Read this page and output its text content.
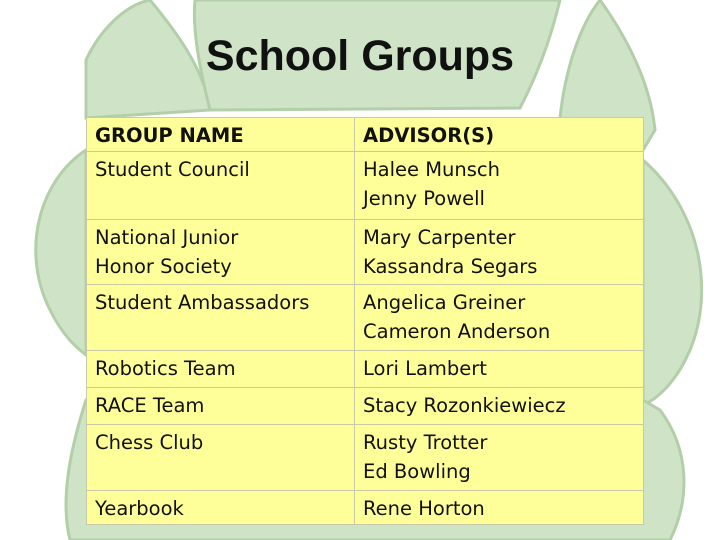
School Groups
GROUP NAME	ADVISOR(S)

Student Council	Halee Munsch
Jenny Powell

National Junior
Honor Society	Mary Carpenter
Kassandra Segars

Student Ambassadors	Angelica Greiner
Cameron Anderson

Robotics Team	Lori Lambert

RACE Team	Stacy Rozonkiewiecz

Chess Club	Rusty Trotter
Ed Bowling

Yearbook	Rene Horton
